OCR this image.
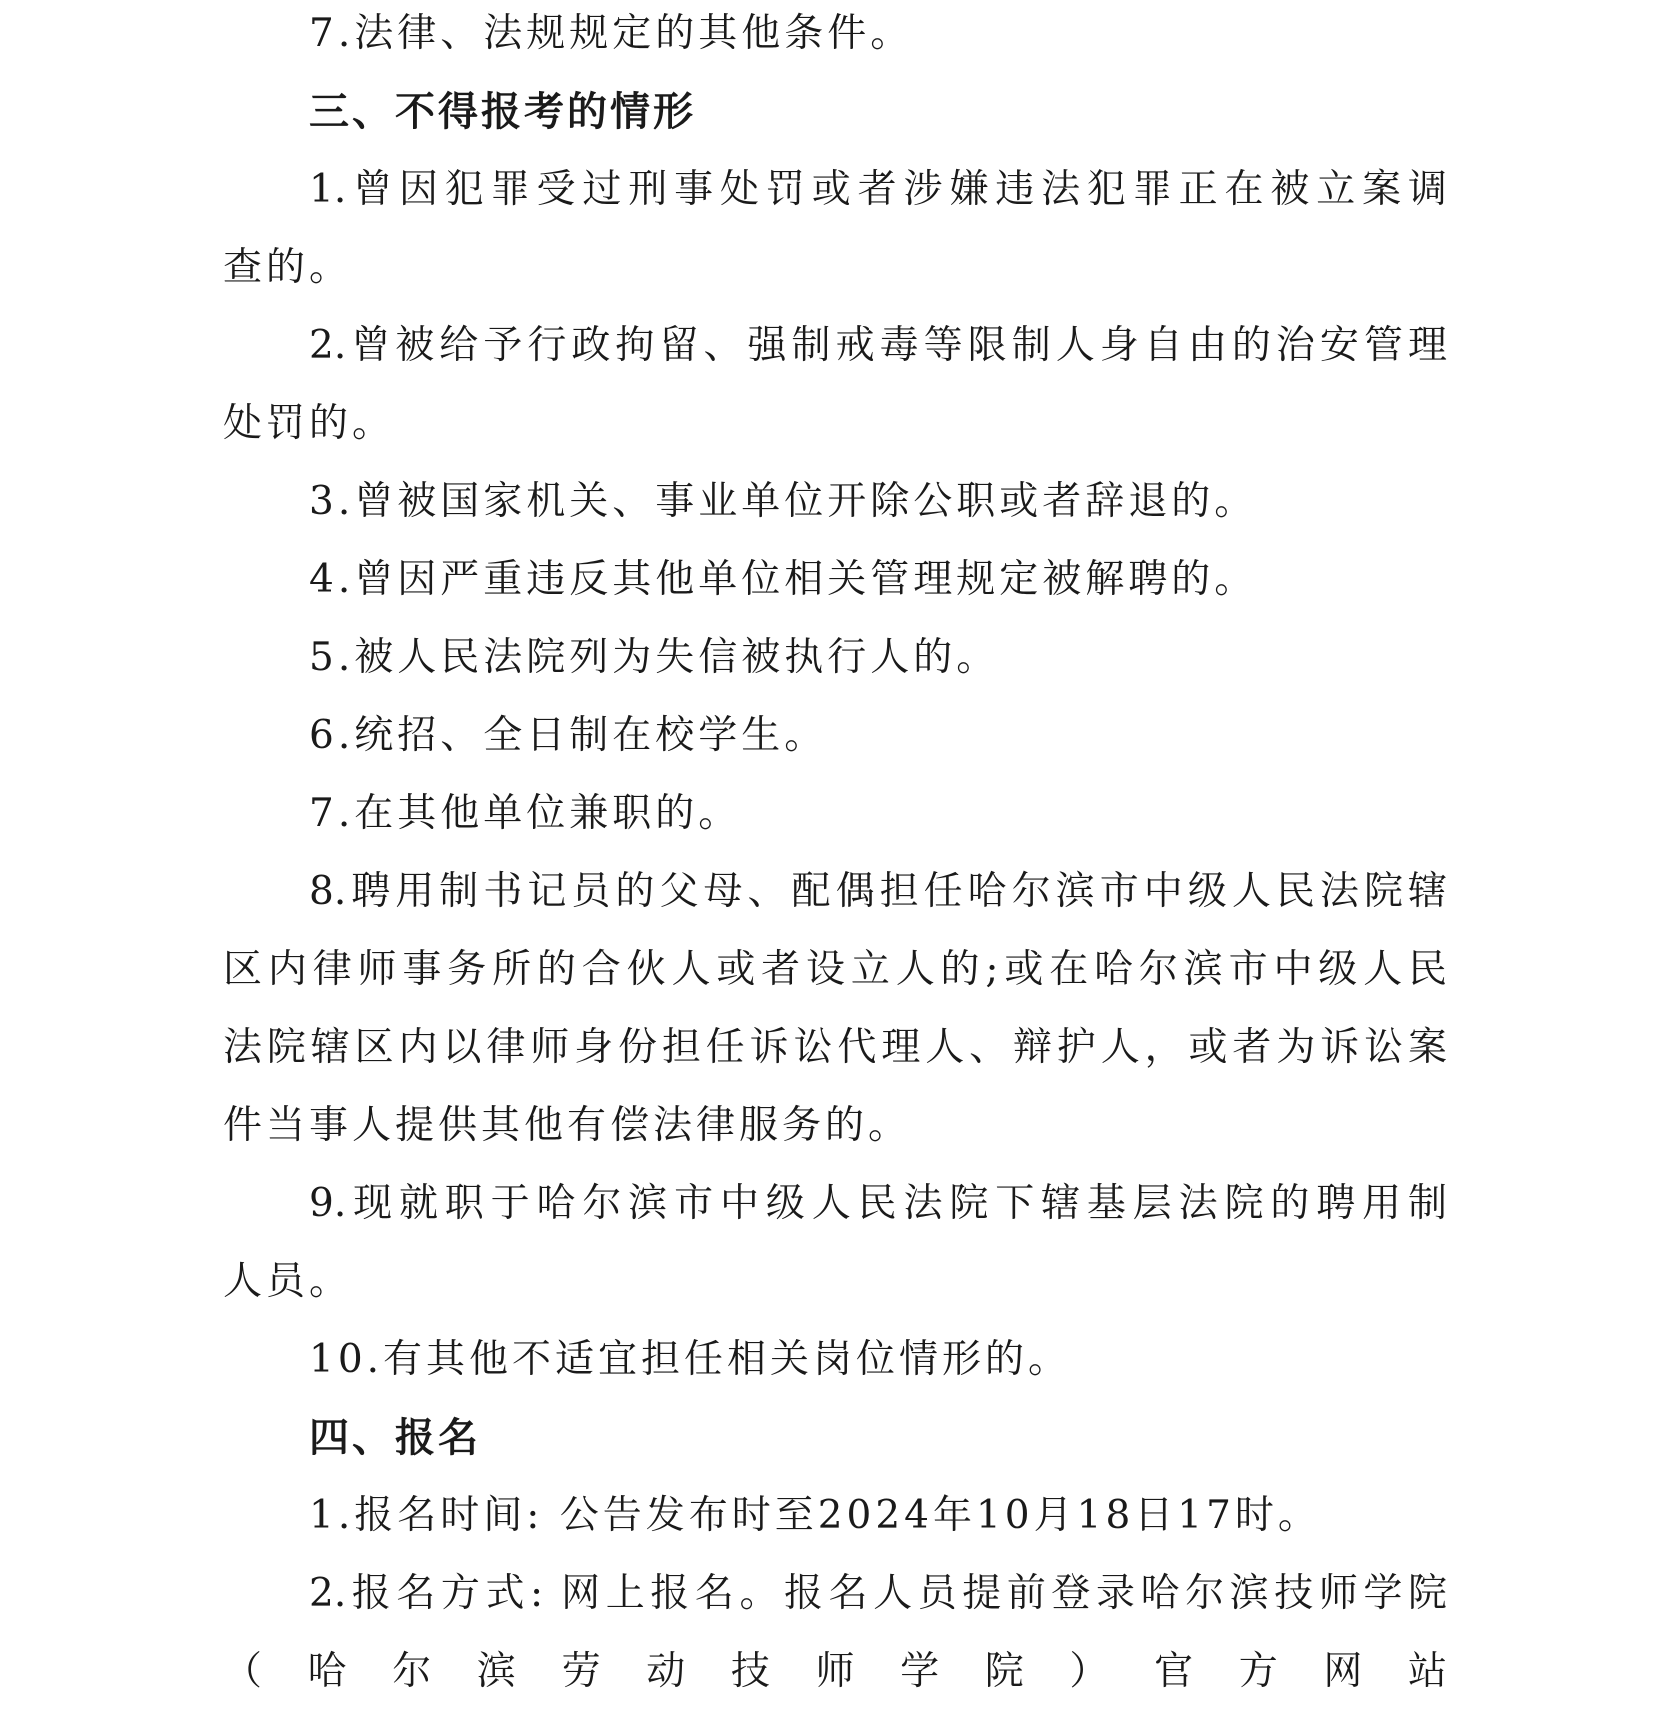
7.法律、法规规定的其他条件。
三、不得报考的情形
1.曾因犯罪受过刑事处罚或者涉嫌违法犯罪正在被立案调
查的。
2.曾被给予行政拘留、强制戒毒等限制人身自由的治安管理
处罚的。
3.曾被国家机关、事业单位开除公职或者辞退的。
4.曾因严重违反其他单位相关管理规定被解聘的。
5.被人民法院列为失信被执行人的。
6.统招、全日制在校学生。
7.在其他单位兼职的。
8.聘用制书记员的父母、配偶担任哈尔滨市中级人民法院辖
区内律师事务所的合伙人或者设立人的;或在哈尔滨市中级人民
法院辖区内以律师身份担任诉讼代理人、辩护人，或者为诉讼案
件当事人提供其他有偿法律服务的。
9.现就职于哈尔滨市中级人民法院下辖基层法院的聘用制
人员。
10.有其他不适宜担任相关岗位情形的。
四、报名
1.报名时间: 公告发布时至2024年10月18日17时。
2.报名方式: 网上报名。报名人员提前登录哈尔滨技师学院
（ 哈 尔 滨 劳 动 技 师 学 院 ） 官 方 网 站
